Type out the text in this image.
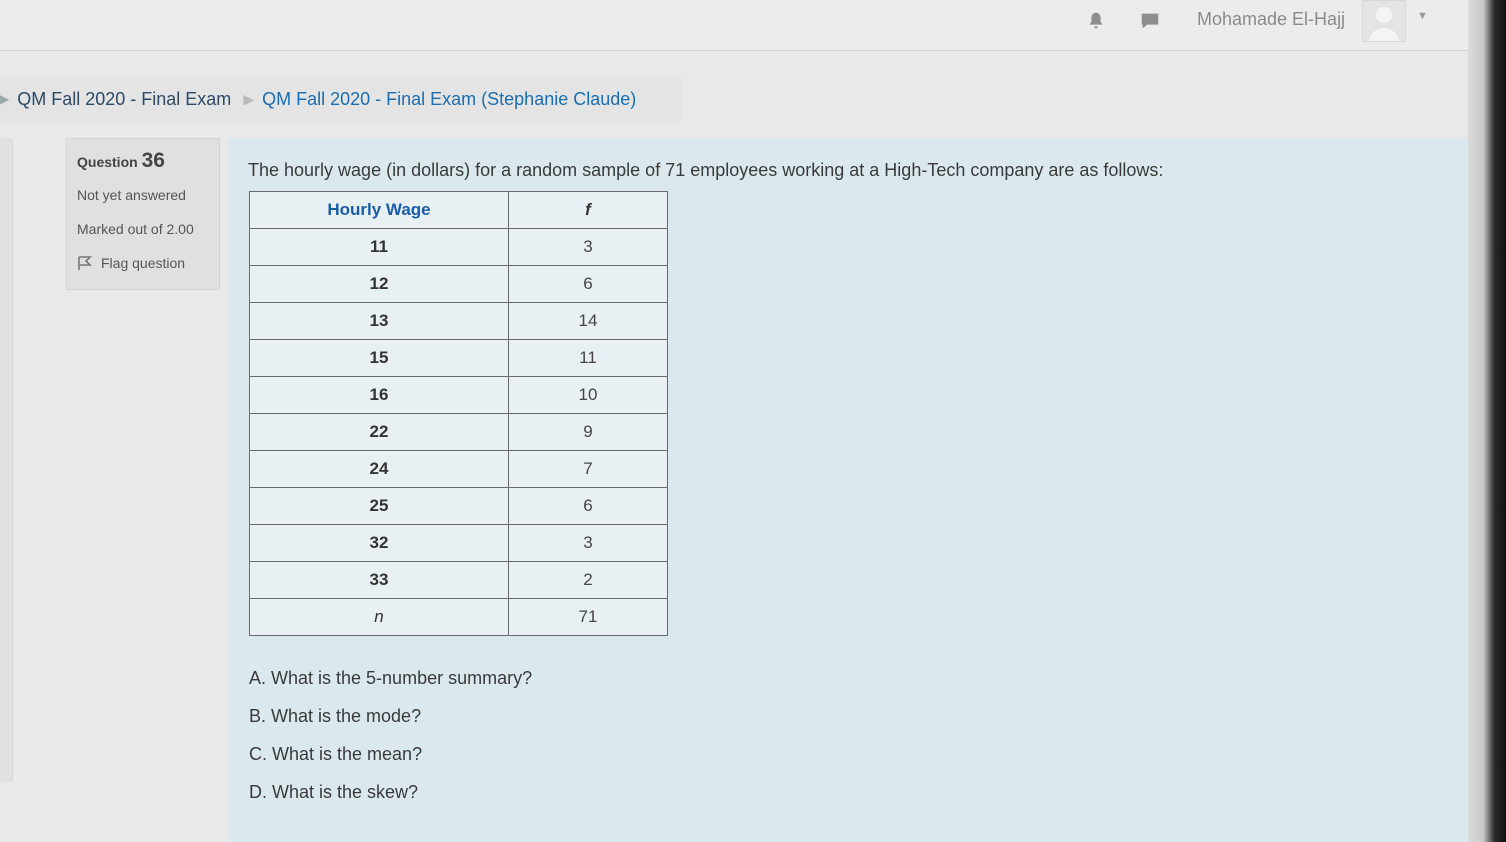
Mohamade El-Hajj	▼
▶ QM Fall 2020 - Final Exam ▶ QM Fall 2020 - Final Exam (Stephanie Claude)
Question 36
Not yet answered
Marked out of 2.00
Flag question
The hourly wage (in dollars) for a random sample of 71 employees working at a High-Tech company are as follows:
Hourly Wage	f
11	3
12	6
13	14
15	11
16	10
22	9
24	7
25	6
32	3
33	2
n	71
A. What is the 5-number summary?
B. What is the mode?
C. What is the mean?
D. What is the skew?
